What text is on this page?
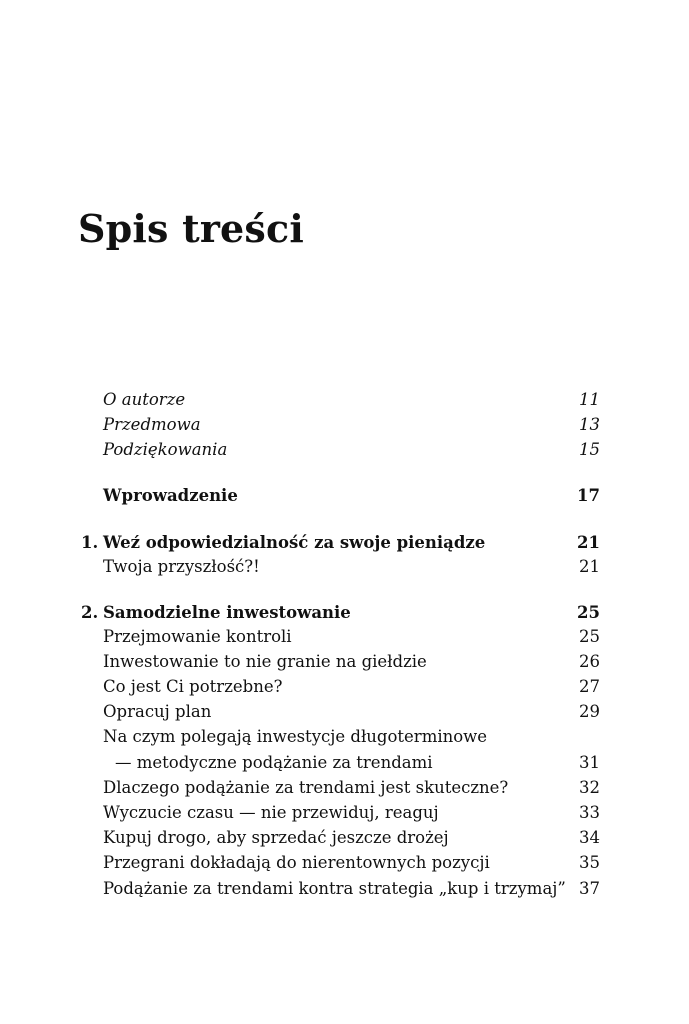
Spis treści
O autorze	11
Przedmowa	13
Podziękowania	15
Wprowadzenie	17
1. Weź odpowiedzialność za swoje pieniądze	21
Twoja przyszłość?!	21
2. Samodzielne inwestowanie	25
Przejmowanie kontroli	25
Inwestowanie to nie granie na giełdzie	26
Co jest Ci potrzebne?	27
Opracuj plan	29
Na czym polegają inwestycje długoterminowe
— metodyczne podążanie za trendami	31
Dlaczego podążanie za trendami jest skuteczne?	32
Wyczucie czasu — nie przewiduj, reaguj	33
Kupuj drogo, aby sprzedać jeszcze drożej	34
Przegrani dokładają do nierentownych pozycji	35
Podążanie za trendami kontra strategia „kup i trzymaj” 37
